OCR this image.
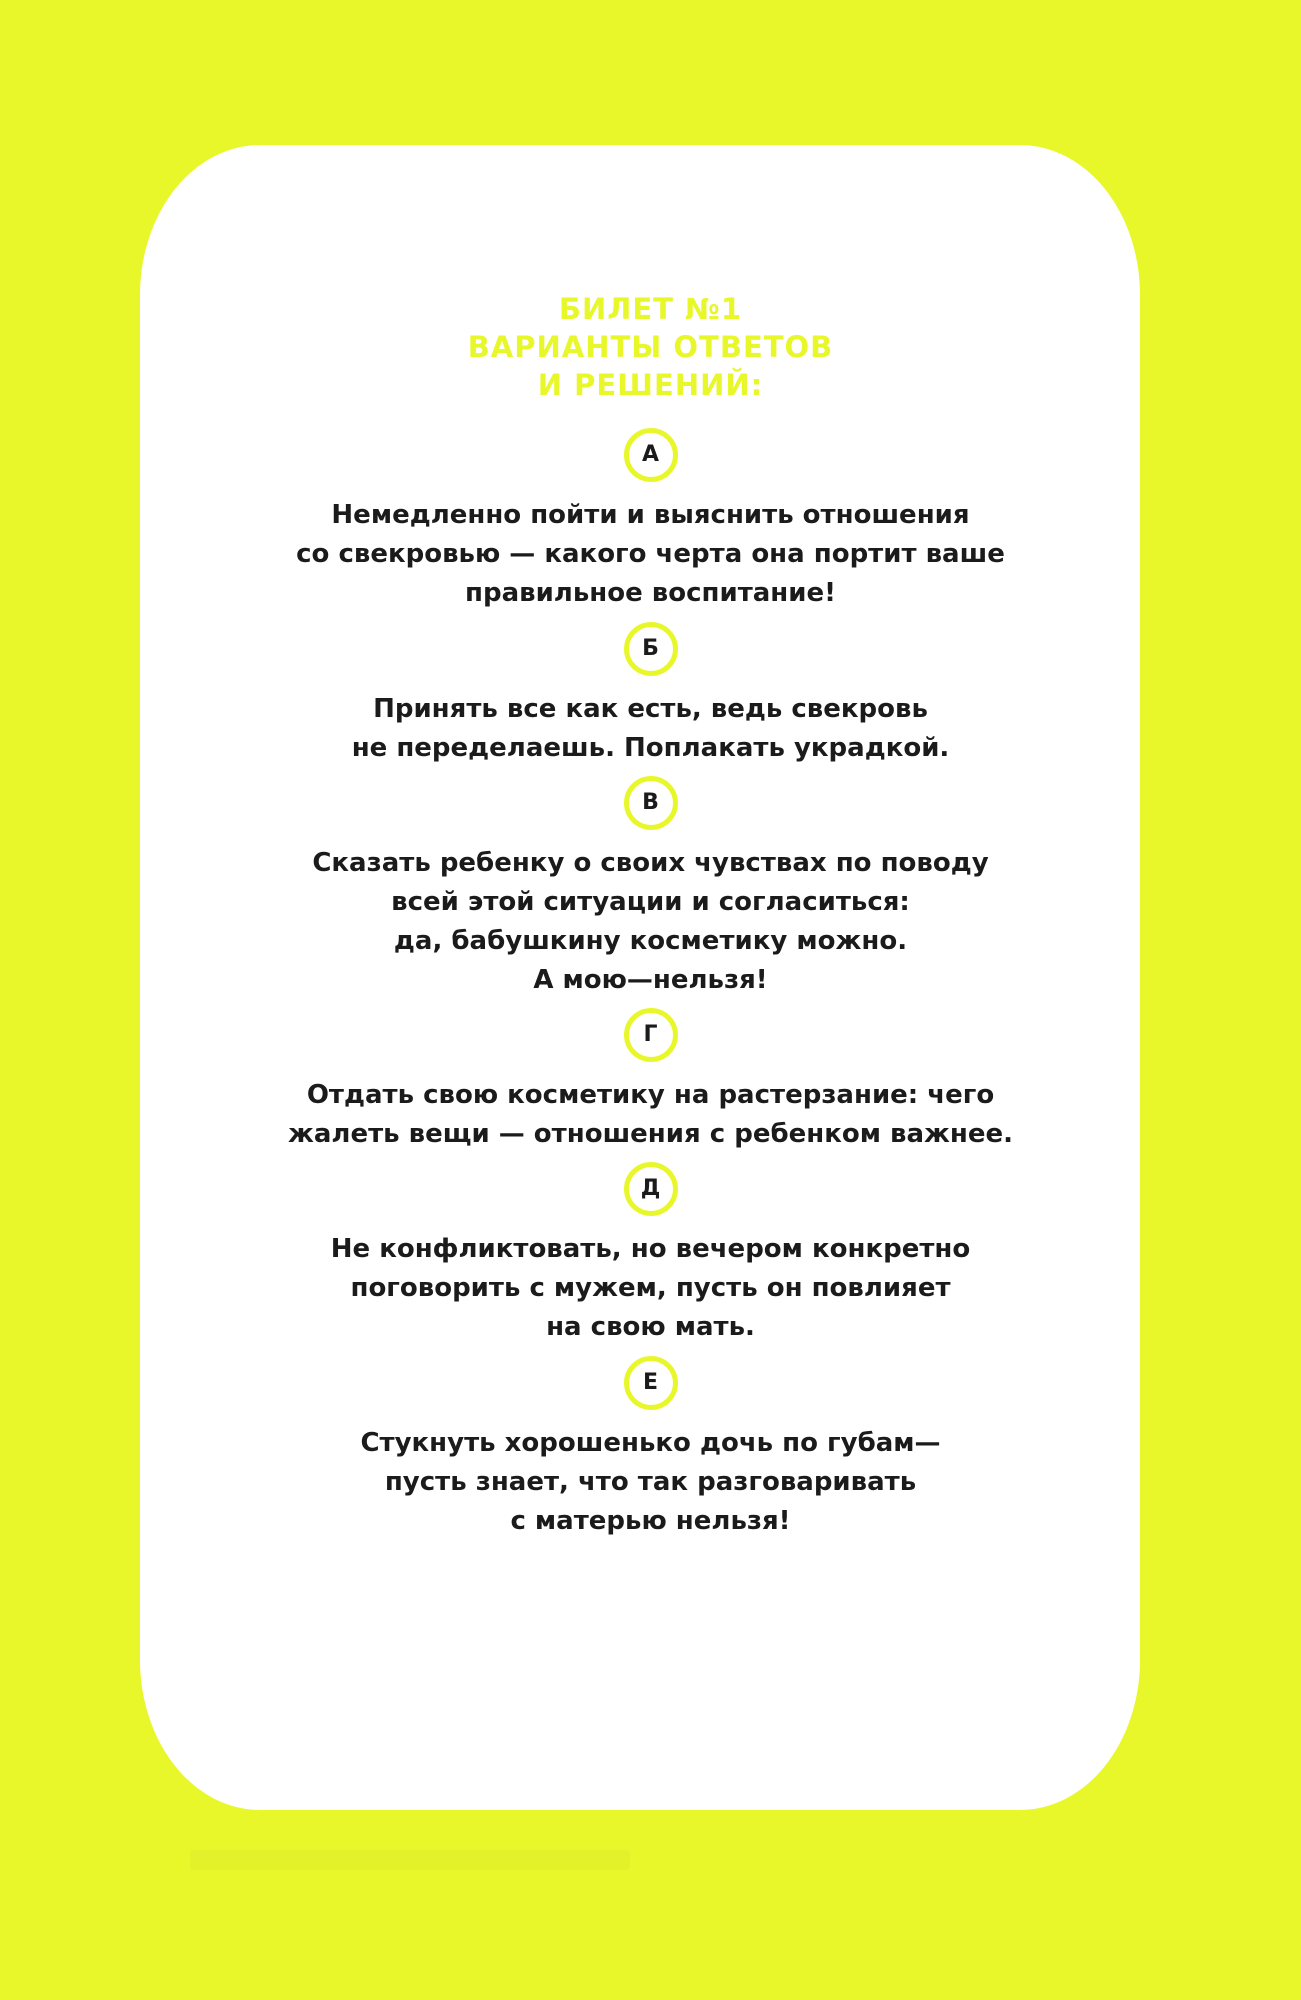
БИЛЕТ №1
ВАРИАНТЫ ОТВЕТОВ
И РЕШЕНИЙ:
А
Немедленно пойти и выяснить отношения
со свекровью — какого черта она портит ваше
правильное воспитание!
Б
Принять все как есть, ведь свекровь
не переделаешь. Поплакать украдкой.
В
Сказать ребенку о своих чувствах по поводу
всей этой ситуации и согласиться:
да, бабушкину косметику можно.
А мою—нельзя!
Г
Отдать свою косметику на растерзание: чего
жалеть вещи — отношения с ребенком важнее.
Д
Не конфликтовать, но вечером конкретно
поговорить с мужем, пусть он повлияет
на свою мать.
Е
Стукнуть хорошенько дочь по губам—
пусть знает, что так разговаривать
с матерью нельзя!
